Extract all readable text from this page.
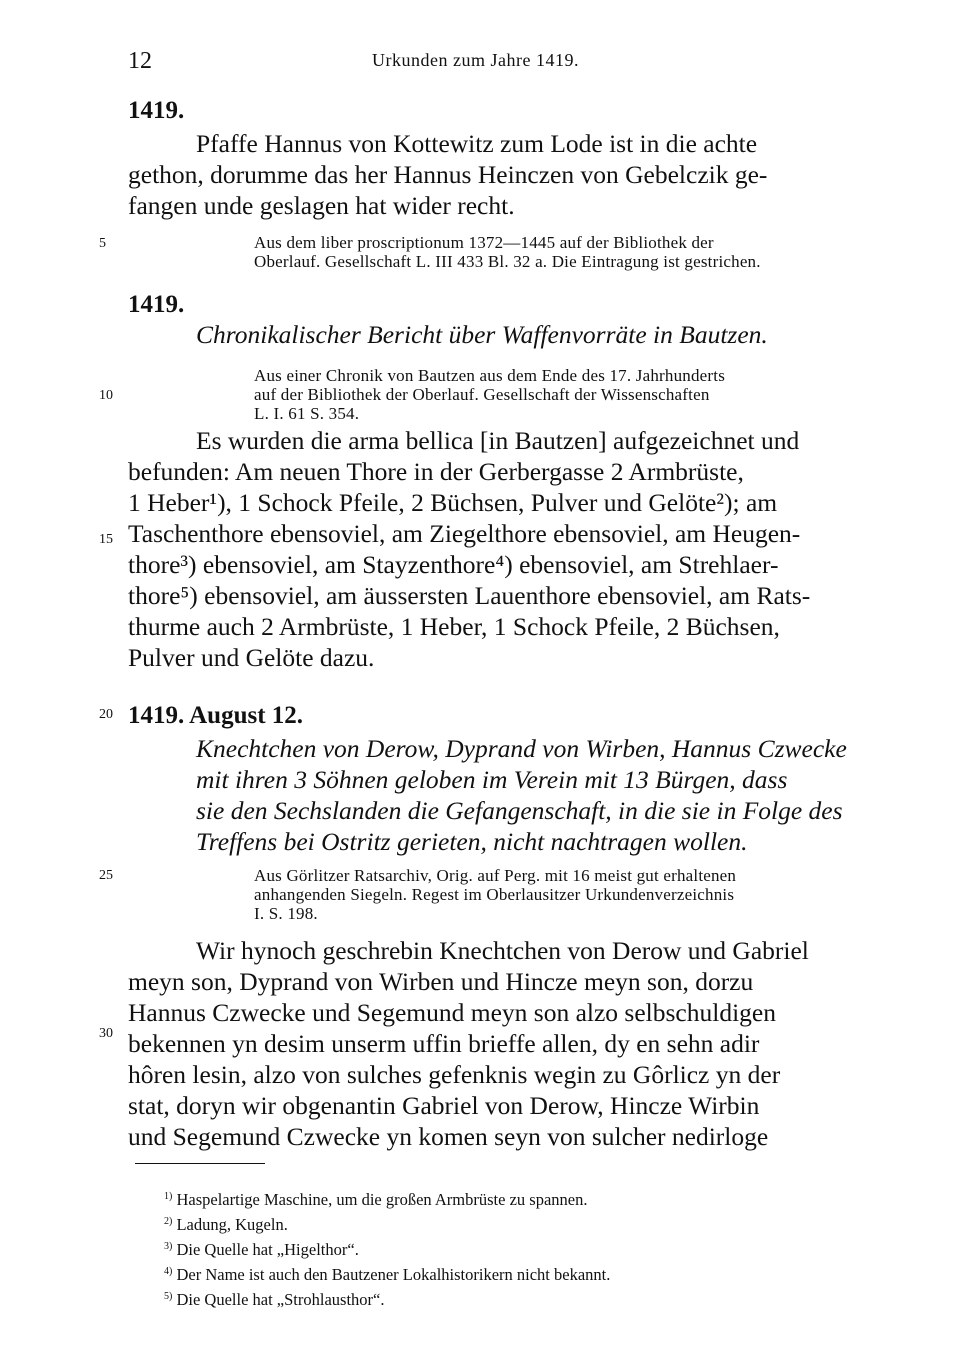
12	Urkunden zum Jahre 1419.
5
10
15
20
25
30
1419.
Pfaffe Hannus von Kottewitz zum Lode ist in die achte
gethon, dorumme das her Hannus Heinczen von Gebelczik ge-
fangen unde geslagen hat wider recht.
Aus dem liber proscriptionum 1372—1445 auf der Bibliothek der
Oberlauf. Gesellschaft L. III 433 Bl. 32 a. Die Eintragung ist gestrichen.
1419.
Chronikalischer Bericht über Waffenvorräte in Bautzen.
Aus einer Chronik von Bautzen aus dem Ende des 17. Jahrhunderts
auf der Bibliothek der Oberlauf. Gesellschaft der Wissenschaften
L. I. 61 S. 354.
Es wurden die arma bellica [in Bautzen] aufgezeichnet und
befunden: Am neuen Thore in der Gerbergasse 2 Armbrüste,
1 Heber¹), 1 Schock Pfeile, 2 Büchsen, Pulver und Gelöte²); am
Taschenthore ebensoviel, am Ziegelthore ebensoviel, am Heugen-
thore³) ebensoviel, am Stayzenthore⁴) ebensoviel, am Strehlaer-
thore⁵) ebensoviel, am äussersten Lauenthore ebensoviel, am Rats-
thurme auch 2 Armbrüste, 1 Heber, 1 Schock Pfeile, 2 Büchsen,
Pulver und Gelöte dazu.
1419. August 12.
Knechtchen von Derow, Dyprand von Wirben, Hannus Czwecke
mit ihren 3 Söhnen geloben im Verein mit 13 Bürgen, dass
sie den Sechslanden die Gefangenschaft, in die sie in Folge des
Treffens bei Ostritz gerieten, nicht nachtragen wollen.
Aus Görlitzer Ratsarchiv, Orig. auf Perg. mit 16 meist gut erhaltenen
anhangenden Siegeln. Regest im Oberlausitzer Urkundenverzeichnis
I. S. 198.
Wir hynoch geschrebin Knechtchen von Derow und Gabriel
meyn son, Dyprand von Wirben und Hincze meyn son, dorzu
Hannus Czwecke und Segemund meyn son alzo selbschuldigen
bekennen yn desim unserm uffin brieffe allen, dy en sehn adir
hôren lesin, alzo von sulches gefenknis wegin zu Gôrlicz yn der
stat, doryn wir obgenantin Gabriel von Derow, Hincze Wirbin
und Segemund Czwecke yn komen seyn von sulcher nedirloge
$^{1)}$ Haspelartige Maschine, um die großen Armbrüste zu spannen.
$^{2)}$ Ladung, Kugeln.
$^{3)}$ Die Quelle hat „Higelthor“.
$^{4)}$ Der Name ist auch den Bautzener Lokalhistorikern nicht bekannt.
$^{5)}$ Die Quelle hat „Strohlausthor“.
